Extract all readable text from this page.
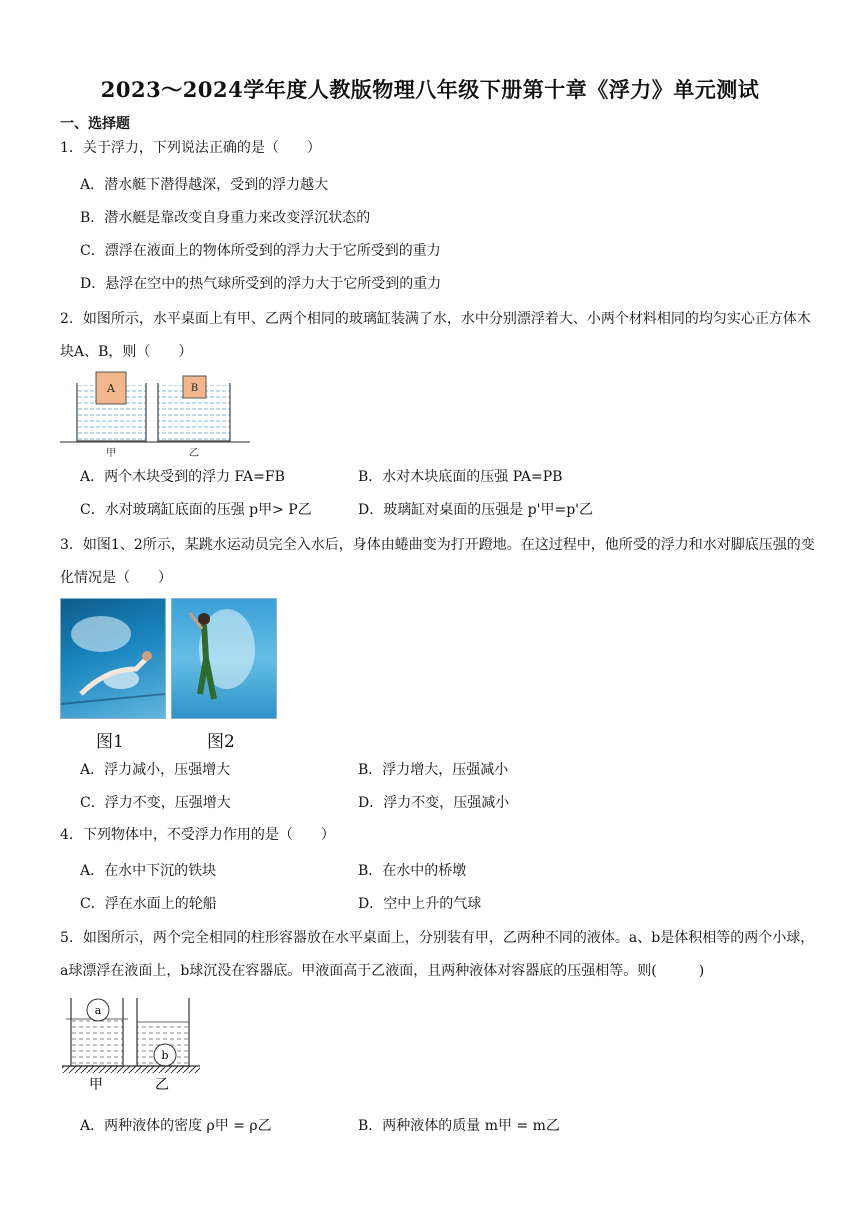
2023～2024学年度人教版物理八年级下册第十章《浮力》单元测试
一、选择题
1．关于浮力，下列说法正确的是（　　）
A．潜水艇下潜得越深，受到的浮力越大
B．潜水艇是靠改变自身重力来改变浮沉状态的
C．漂浮在液面上的物体所受到的浮力大于它所受到的重力
D．悬浮在空中的热气球所受到的浮力大于它所受到的重力
2．如图所示，水平桌面上有甲、乙两个相同的玻璃缸装满了水，水中分别漂浮着大、小两个材料相同的均匀实心正方体木块A、B，则（　　）
A	B
甲	乙
A．两个木块受到的浮力 FA=FB	B．水对木块底面的压强 PA=PB
C．水对玻璃缸底面的压强 p甲> P乙	D．玻璃缸对桌面的压强是 p'甲=p'乙
3．如图1、2所示，某跳水运动员完全入水后，身体由蜷曲变为打开蹬地。在这过程中，他所受的浮力和水对脚底压强的变化情况是（　　）
图1	图2
A．浮力减小，压强增大	B．浮力增大，压强减小
C．浮力不变，压强增大	D．浮力不变，压强减小
4．下列物体中，不受浮力作用的是（　　）
A．在水中下沉的铁块	B．在水中的桥墩
C．浮在水面上的轮船	D．空中上升的气球
5．如图所示，两个完全相同的柱形容器放在水平桌面上，分别装有甲，乙两种不同的液体。a、b是体积相等的两个小球，a球漂浮在液面上，b球沉没在容器底。甲液面高于乙液面，且两种液体对容器底的压强相等。则(　　　)
a
b
甲	乙
A．两种液体的密度 ρ甲 = ρ乙	B．两种液体的质量 m甲 = m乙
